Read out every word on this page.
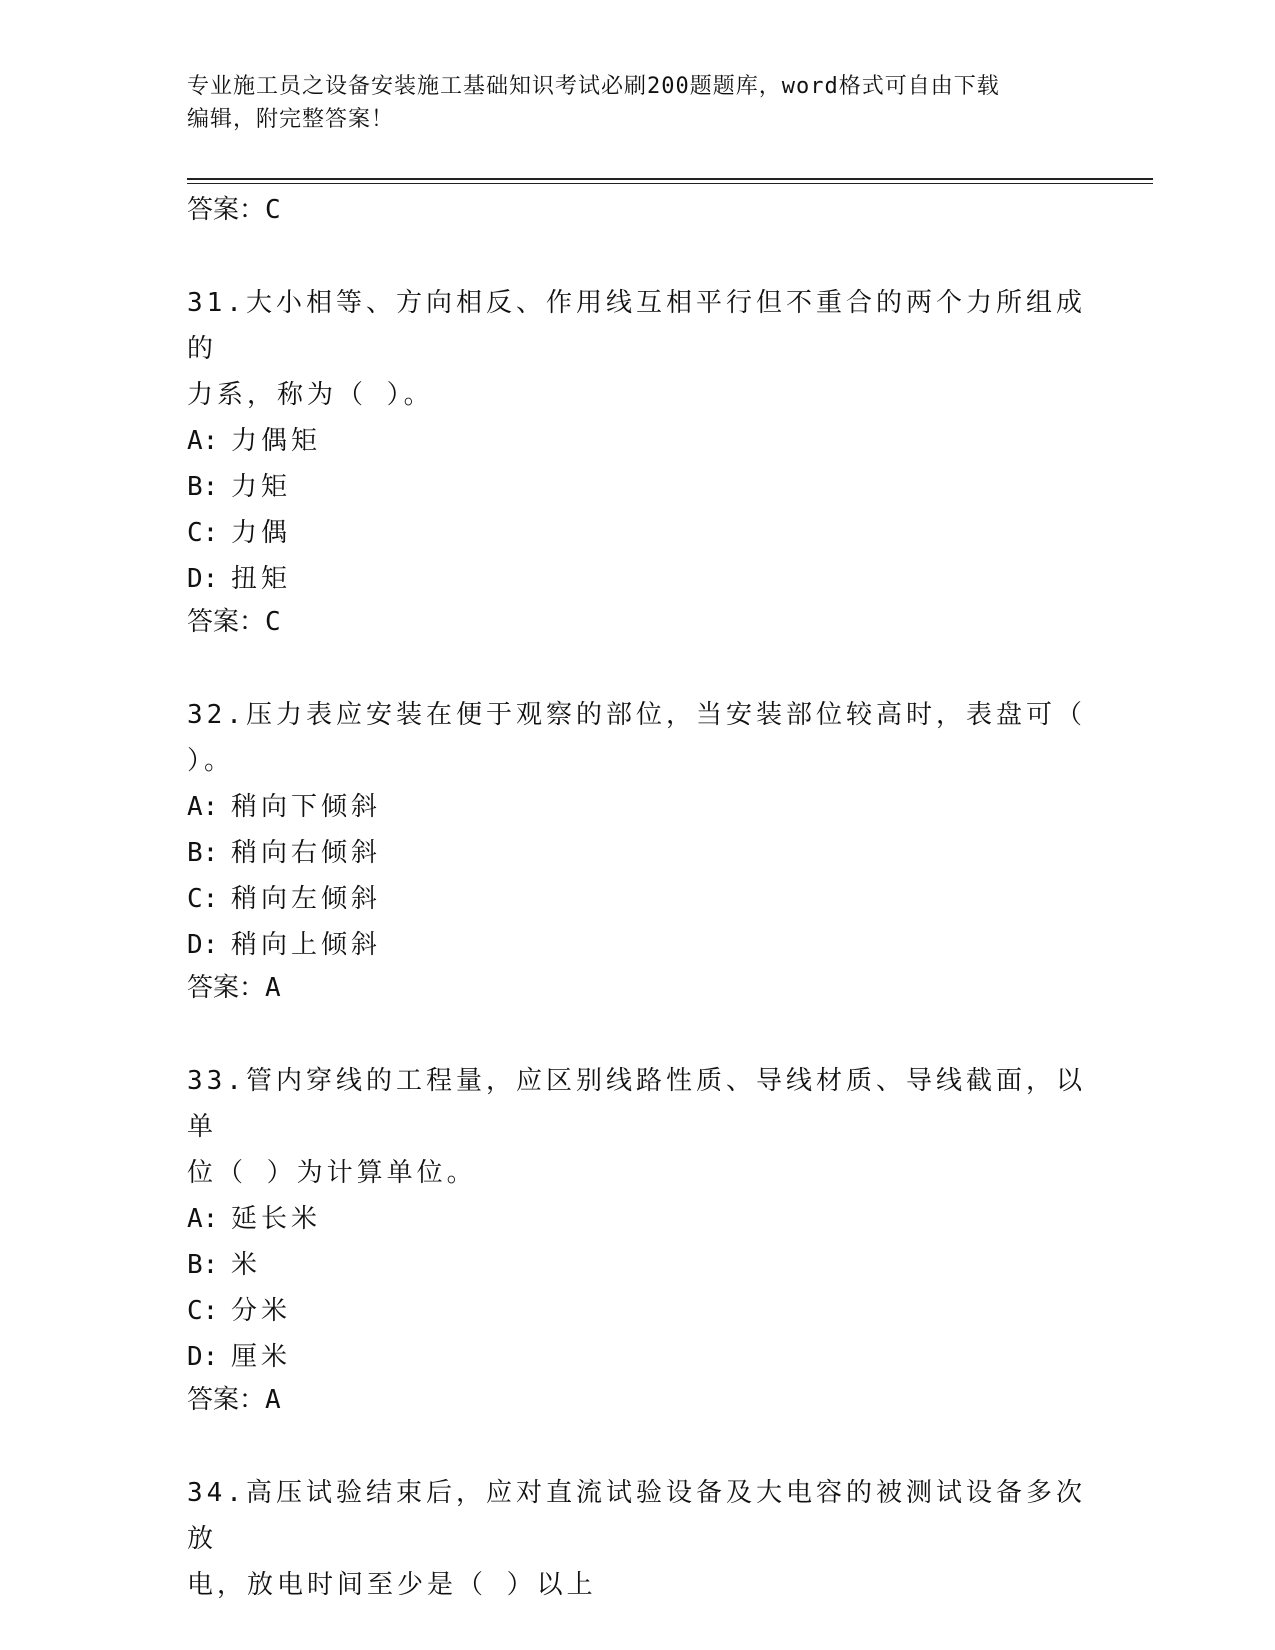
专业施工员之设备安装施工基础知识考试必刷200题题库，word格式可自由下载
编辑，附完整答案！
答案：C
31.大小相等、方向相反、作用线互相平行但不重合的两个力所组成的
力系，称为（ ）。
A: 力偶矩
B: 力矩
C: 力偶
D: 扭矩
答案：C
32.压力表应安装在便于观察的部位，当安装部位较高时，表盘可（
）。
A: 稍向下倾斜
B: 稍向右倾斜
C: 稍向左倾斜
D: 稍向上倾斜
答案：A
33.管内穿线的工程量，应区别线路性质、导线材质、导线截面，以单
位（ ）为计算单位。
A: 延长米
B: 米
C: 分米
D: 厘米
答案：A
34.高压试验结束后，应对直流试验设备及大电容的被测试设备多次放
电，放电时间至少是（ ）以上
